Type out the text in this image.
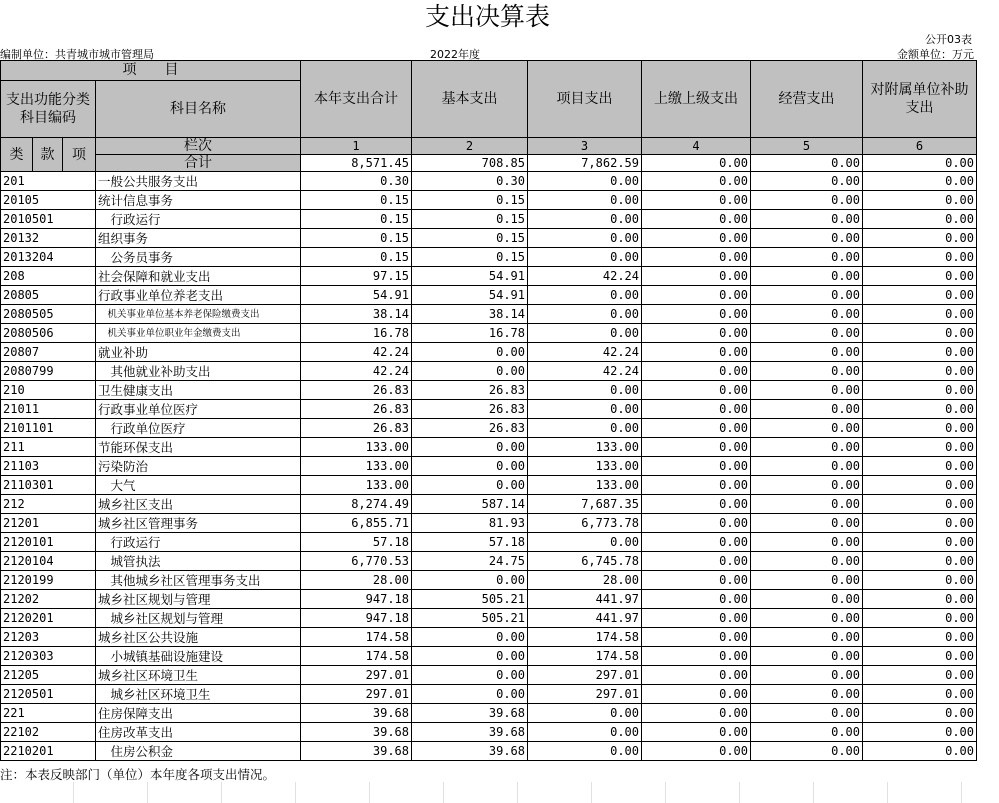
支出决算表
公开03表
编制单位：共青城市城市管理局	2022年度	金额单位：万元
项　　目				本年支出合计	基本支出	项目支出	上缴上级支出	经营支出	对附属单位补助支出
支出功能分类科目编码			科目名称						
类	款	项	栏次	1	2	3	4	5	6
			合计	8,571.45	708.85	7,862.59	0.00	0.00	0.00
201			一般公共服务支出	0.30	0.30	0.00	0.00	0.00	0.00
20105			统计信息事务	0.15	0.15	0.00	0.00	0.00	0.00
2010501			　行政运行	0.15	0.15	0.00	0.00	0.00	0.00
20132			组织事务	0.15	0.15	0.00	0.00	0.00	0.00
2013204			　公务员事务	0.15	0.15	0.00	0.00	0.00	0.00
208			社会保障和就业支出	97.15	54.91	42.24	0.00	0.00	0.00
20805			行政事业单位养老支出	54.91	54.91	0.00	0.00	0.00	0.00
2080505			　机关事业单位基本养老保险缴费支出	38.14	38.14	0.00	0.00	0.00	0.00
2080506			　机关事业单位职业年金缴费支出	16.78	16.78	0.00	0.00	0.00	0.00
20807			就业补助	42.24	0.00	42.24	0.00	0.00	0.00
2080799			　其他就业补助支出	42.24	0.00	42.24	0.00	0.00	0.00
210			卫生健康支出	26.83	26.83	0.00	0.00	0.00	0.00
21011			行政事业单位医疗	26.83	26.83	0.00	0.00	0.00	0.00
2101101			　行政单位医疗	26.83	26.83	0.00	0.00	0.00	0.00
211			节能环保支出	133.00	0.00	133.00	0.00	0.00	0.00
21103			污染防治	133.00	0.00	133.00	0.00	0.00	0.00
2110301			　大气	133.00	0.00	133.00	0.00	0.00	0.00
212			城乡社区支出	8,274.49	587.14	7,687.35	0.00	0.00	0.00
21201			城乡社区管理事务	6,855.71	81.93	6,773.78	0.00	0.00	0.00
2120101			　行政运行	57.18	57.18	0.00	0.00	0.00	0.00
2120104			　城管执法	6,770.53	24.75	6,745.78	0.00	0.00	0.00
2120199			　其他城乡社区管理事务支出	28.00	0.00	28.00	0.00	0.00	0.00
21202			城乡社区规划与管理	947.18	505.21	441.97	0.00	0.00	0.00
2120201			　城乡社区规划与管理	947.18	505.21	441.97	0.00	0.00	0.00
21203			城乡社区公共设施	174.58	0.00	174.58	0.00	0.00	0.00
2120303			　小城镇基础设施建设	174.58	0.00	174.58	0.00	0.00	0.00
21205			城乡社区环境卫生	297.01	0.00	297.01	0.00	0.00	0.00
2120501			　城乡社区环境卫生	297.01	0.00	297.01	0.00	0.00	0.00
221			住房保障支出	39.68	39.68	0.00	0.00	0.00	0.00
22102			住房改革支出	39.68	39.68	0.00	0.00	0.00	0.00
2210201			　住房公积金	39.68	39.68	0.00	0.00	0.00	0.00
注：本表反映部门（单位）本年度各项支出情况。
